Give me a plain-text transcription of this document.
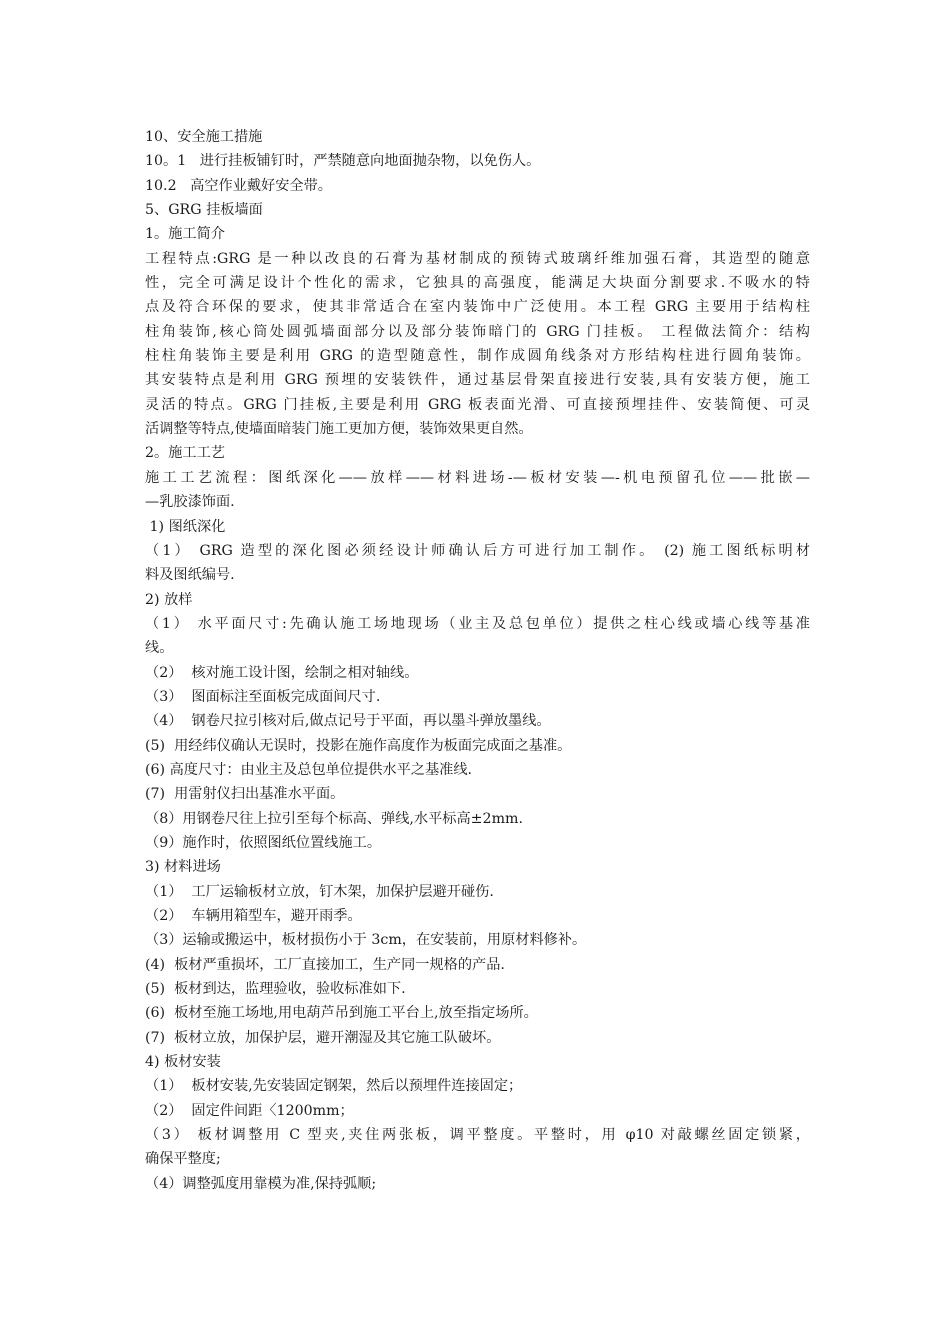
10、安全施工措施

10。1   进行挂板铺钉时，严禁随意向地面抛杂物，以免伤人。

10.2   高空作业戴好安全带。

5、GRG 挂板墙面

1。施工简介

工程特点:GRG 是一种以改良的石膏为基材制成的预铸式玻璃纤维加强石膏，其造型的随意

性，完全可满足设计个性化的需求，它独具的高强度，能满足大块面分割要求.不吸水的特

点及符合环保的要求，使其非常适合在室内装饰中广泛使用。本工程 GRG 主要用于结构柱

柱角装饰,核心筒处圆弧墙面部分以及部分装饰暗门的 GRG 门挂板。 工程做法简介：结构

柱柱角装饰主要是利用 GRG 的造型随意性，制作成圆角线条对方形结构柱进行圆角装饰。

其安装特点是利用 GRG 预埋的安装铁件，通过基层骨架直接进行安装,具有安装方便，施工

灵活的特点。GRG 门挂板,主要是利用 GRG 板表面光滑、可直接预埋挂件、安装简便、可灵

活调整等特点,使墙面暗装门施工更加方便，装饰效果更自然。

2。施工工艺

施工工艺流程：图纸深化——放样——材料进场-—板材安装—-机电预留孔位——批嵌—

—乳胶漆饰面.

1) 图纸深化

（1） GRG 造型的深化图必须经设计师确认后方可进行加工制作。 (2) 施工图纸标明材

料及图纸编号.

2) 放样

（1） 水平面尺寸:先确认施工场地现场（业主及总包单位）提供之柱心线或墙心线等基准

线。

（2）  核对施工设计图，绘制之相对轴线。

（3）  图面标注至面板完成面间尺寸.

（4）  钢卷尺拉引核对后,做点记号于平面，再以墨斗弹放墨线。

(5)  用经纬仪确认无误时，投影在施作高度作为板面完成面之基准。

(6) 高度尺寸：由业主及总包单位提供水平之基准线.

(7)  用雷射仪扫出基准水平面。

（8）用钢卷尺往上拉引至每个标高、弹线,水平标高±2mm.

（9）施作时，依照图纸位置线施工。

3) 材料进场

（1）  工厂运输板材立放，钉木架，加保护层避开碰伤.

（2）  车辆用箱型车，避开雨季。

（3）运输或搬运中，板材损伤小于 3cm，在安装前，用原材料修补。

(4)  板材严重损坏，工厂直接加工，生产同一规格的产品.

(5)  板材到达，监理验收，验收标准如下.

(6)  板材至施工场地,用电葫芦吊到施工平台上,放至指定场所。

(7)  板材立放，加保护层，避开潮湿及其它施工队破坏。

4) 板材安装

（1）  板材安装,先安装固定钢架，然后以预埋件连接固定；

（2）  固定件间距〈1200mm；

（3） 板材调整用 C 型夹,夹住两张板，调平整度。平整时，用 φ10 对敲螺丝固定锁紧，

确保平整度;

（4）调整弧度用靠模为准,保持弧顺;
